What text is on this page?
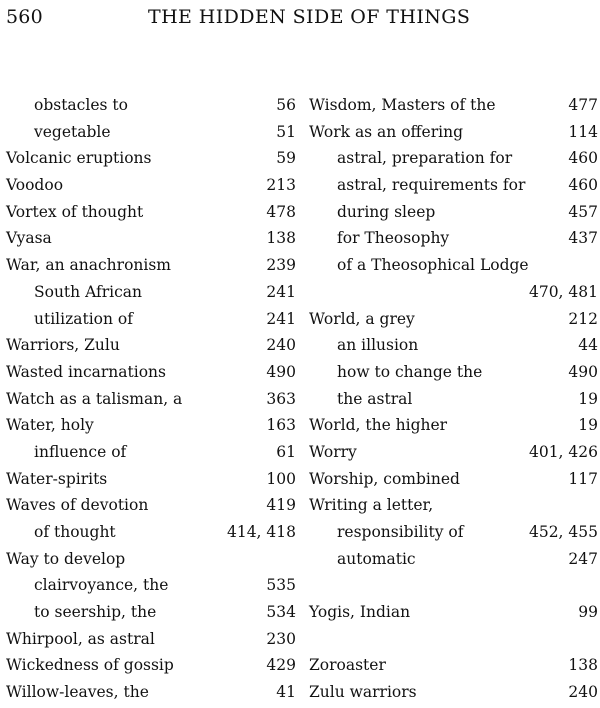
560	THE HIDDEN SIDE OF THINGS
obstacles to	56
vegetable	51
Volcanic eruptions	59
Voodoo	213
Vortex of thought	478
Vyasa	138
War, an anachronism	239
South African	241
utilization of	241
Warriors, Zulu	240
Wasted incarnations	490
Watch as a talisman, a	363
Water, holy	163
influence of	61
Water-spirits	100
Waves of devotion	419
of thought	414, 418
Way to develop
clairvoyance, the	535
to seership, the	534
Whirpool, as astral	230
Wickedness of gossip	429
Willow-leaves, the	41
Wisdom, Masters of the	477
Work as an offering	114
astral, preparation for	460
astral, requirements for	460
during sleep	457
for Theosophy	437
of a Theosophical Lodge
470, 481
World, a grey	212
an illusion	44
how to change the	490
the astral	19
World, the higher	19
Worry	401, 426
Worship, combined	117
Writing a letter,
responsibility of	452, 455
automatic	247
Yogis, Indian	99
Zoroaster	138
Zulu warriors	240
